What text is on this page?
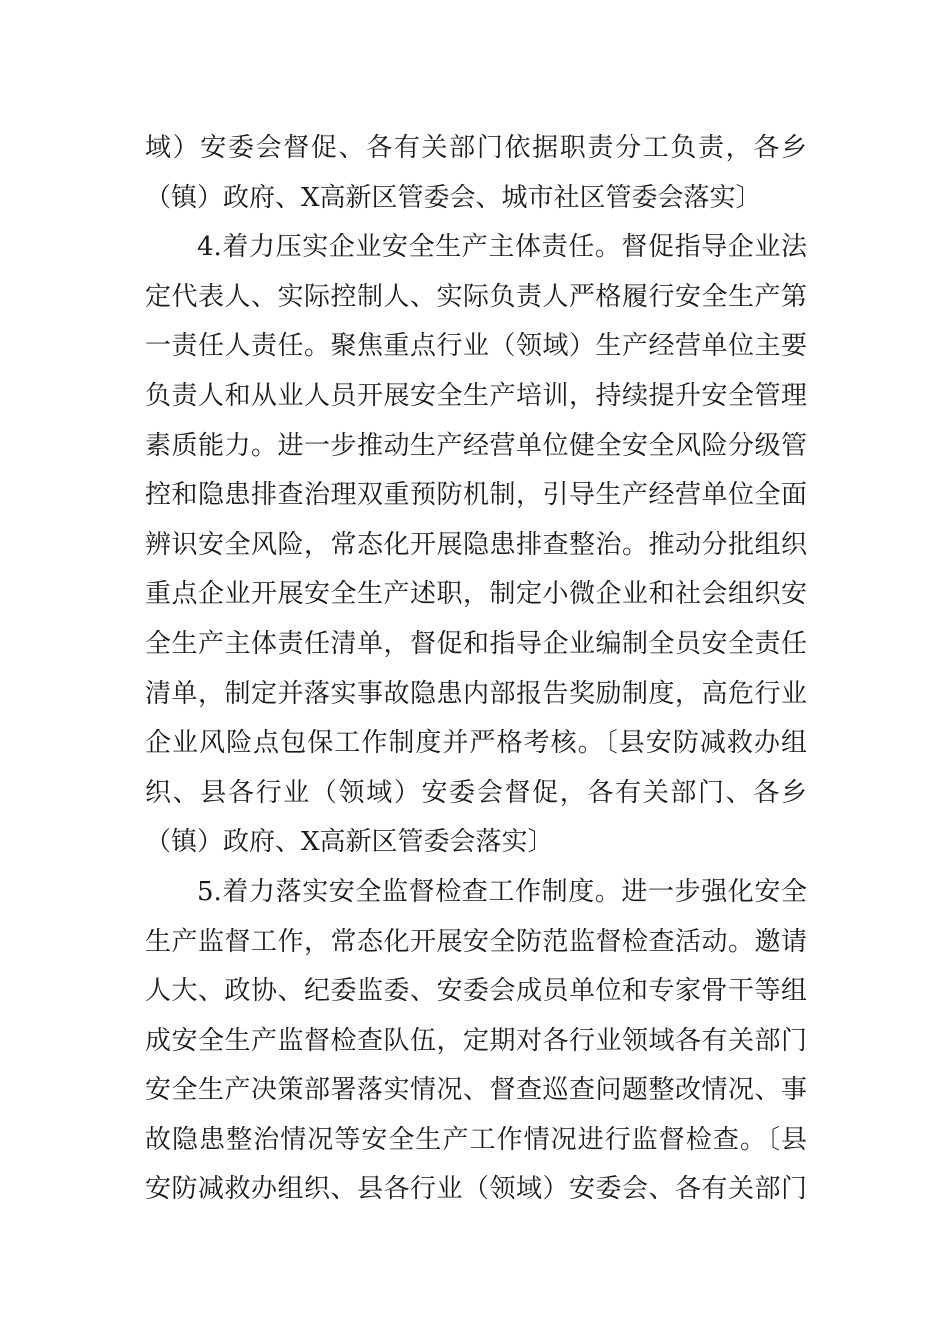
域）安委会督促、各有关部门依据职责分工负责，各乡
（镇）政府、X高新区管委会、城市社区管委会落实〕
4.着力压实企业安全生产主体责任。督促指导企业法
定代表人、实际控制人、实际负责人严格履行安全生产第
一责任人责任。聚焦重点行业（领域）生产经营单位主要
负责人和从业人员开展安全生产培训，持续提升安全管理
素质能力。进一步推动生产经营单位健全安全风险分级管
控和隐患排查治理双重预防机制，引导生产经营单位全面
辨识安全风险，常态化开展隐患排查整治。推动分批组织
重点企业开展安全生产述职，制定小微企业和社会组织安
全生产主体责任清单，督促和指导企业编制全员安全责任
清单，制定并落实事故隐患内部报告奖励制度，高危行业
企业风险点包保工作制度并严格考核。〔县安防减救办组
织、县各行业（领域）安委会督促，各有关部门、各乡
（镇）政府、X高新区管委会落实〕
5.着力落实安全监督检查工作制度。进一步强化安全
生产监督工作，常态化开展安全防范监督检查活动。邀请
人大、政协、纪委监委、安委会成员单位和专家骨干等组
成安全生产监督检查队伍，定期对各行业领域各有关部门
安全生产决策部署落实情况、督查巡查问题整改情况、事
故隐患整治情况等安全生产工作情况进行监督检查。〔县
安防减救办组织、县各行业（领域）安委会、各有关部门
